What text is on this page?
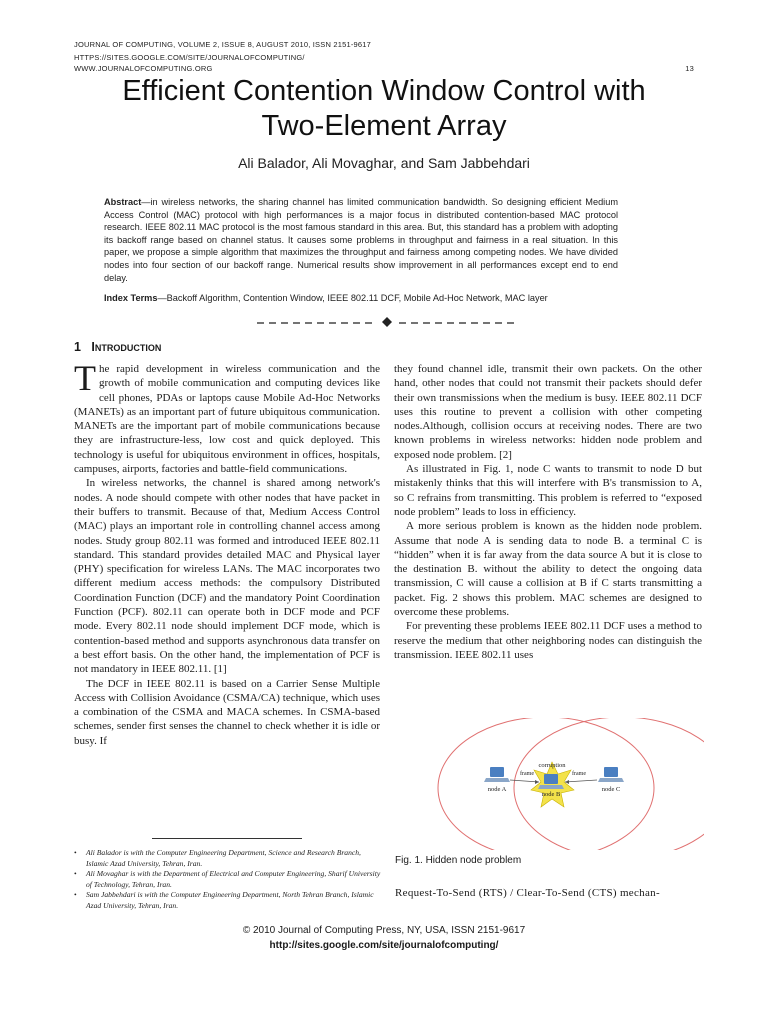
JOURNAL OF COMPUTING, VOLUME 2, ISSUE 8, AUGUST 2010, ISSN 2151-9617
HTTPS://SITES.GOOGLE.COM/SITE/JOURNALOFCOMPUTING/
WWW.JOURNALOFCOMPUTING.ORG	13
Efficient Contention Window Control with
Two-Element Array
Ali Balador, Ali Movaghar, and Sam Jabbehdari
Abstract—in wireless networks, the sharing channel has limited communication bandwidth. So designing efficient Medium Access Control (MAC) protocol with high performances is a major focus in distributed contention-based MAC protocol research. IEEE 802.11 MAC protocol is the most famous standard in this area. But, this standard has a problem with adopting its backoff range based on channel status. It causes some problems in throughput and fairness in a real situation. In this paper, we propose a simple algorithm that maximizes the throughput and fairness among competing nodes. We have divided nodes into four section of our backoff range. Numerical results show improvement in all performances except end to end delay.
Index Terms—Backoff Algorithm, Contention Window, IEEE 802.11 DCF, Mobile Ad-Hoc Network, MAC layer
1 Introduction

The rapid development in wireless communication and the growth of mobile communication and computing devices like cell phones, PDAs or laptops cause Mobile Ad-Hoc Networks (MANETs) as an important part of future ubiquitous communication. MANETs are the important part of mobile communications because they are infrastructure-less, low cost and quick deployed. This technology is useful for ubiquitous environment in offices, hospitals, campuses, airports, factories and battle-field communications.

In wireless networks, the channel is shared among network's nodes. A node should compete with other nodes that have packet in their buffers to transmit. Because of that, Medium Access Control (MAC) plays an important role in controlling channel access among nodes. Study group 802.11 was formed and introduced IEEE 802.11 standard. This standard provides detailed MAC and Physical layer (PHY) specification for wireless LANs. The MAC incorporates two different medium access methods: the compulsory Distributed Coordination Function (DCF) and the mandatory Point Coordination Function (PCF). 802.11 can operate both in DCF mode and PCF mode. Every 802.11 node should implement DCF mode, which is contention-based method and supports asynchronous data transfer on a best effort basis. On the other hand, the implementation of PCF is not mandatory in IEEE 802.11. [1]

The DCF in IEEE 802.11 is based on a Carrier Sense Multiple Access with Collision Avoidance (CSMA/CA) technique, which uses a combination of the CSMA and MACA schemes. In CSMA-based schemes, sender first senses the channel to check whether it is idle or busy. If

• Ali Balador is with the Computer Engineering Department, Science and Research Branch, Islamic Azad University, Tehran, Iran.
• Ali Movaghar is with the Department of Electrical and Computer Engineering, Sharif University of Technology, Tehran, Iran.
• Sam Jabbehdari is with the Computer Engineering Department, North Tehran Branch, Islamic Azad University, Tehran, Iran.

they found channel idle, transmit their own packets. On the other hand, other nodes that could not transmit their packets should defer their own transmissions when the medium is busy. IEEE 802.11 DCF uses this routine to prevent a collision with other competing nodes.Although, collision occurs at receiving nodes. There are two known problems in wireless networks: hidden node problem and exposed node problem. [2]

As illustrated in Fig. 1, node C wants to transmit to node D but mistakenly thinks that this will interfere with B's transmission to A, so C refrains from transmitting. This problem is referred to “exposed node problem” leads to loss in efficiency.

A more serious problem is known as the hidden node problem. Assume that node A is sending data to node B. a terminal C is “hidden” when it is far away from the data source A but it is close to the destination B. without the ability to detect the ongoing data transmission, C will cause a collision at B if C starts transmitting a packet. Fig. 2 shows this problem. MAC schemes are designed to overcome these problems.

For preventing these problems IEEE 802.11 DCF uses a method to reserve the medium that other neighboring nodes can distinguish the transmission. IEEE 802.11 uses

corruption
frame	frame
node A
node B
node C
Fig. 1. Hidden node problem
Request-To-Send (RTS) / Clear-To-Send (CTS) mechan-
© 2010 Journal of Computing Press, NY, USA, ISSN 2151-9617
http://sites.google.com/site/journalofcomputing/
